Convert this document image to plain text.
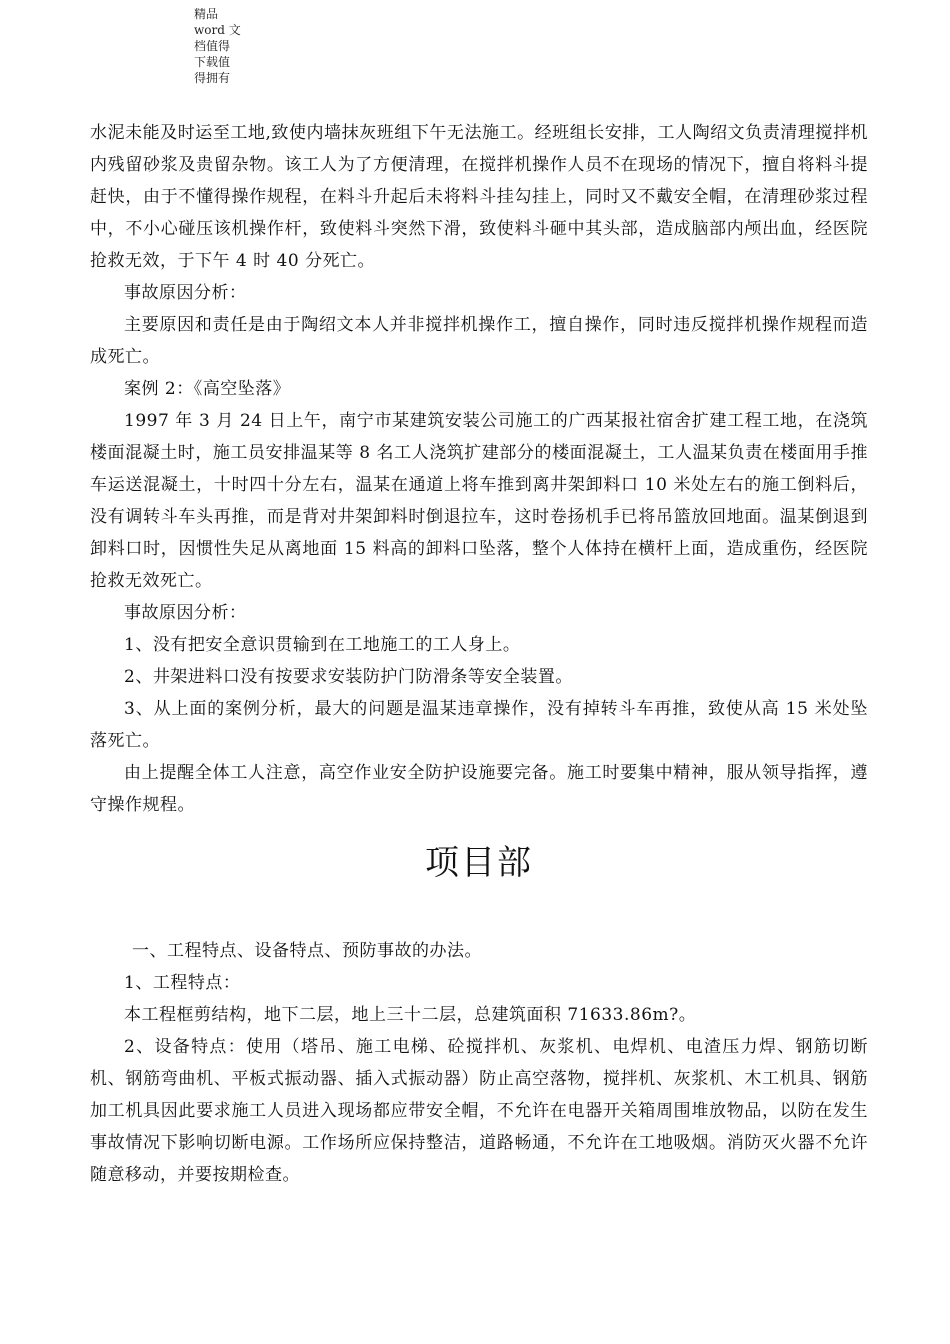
精品
word 文
档值得
下载值
得拥有

水泥未能及时运至工地,致使内墙抹灰班组下午无法施工。经班组长安排，工人陶绍文负责清理搅拌机内残留砂浆及贵留杂物。该工人为了方便清理，在搅拌机操作人员不在现场的情况下，擅自将料斗提赶快，由于不懂得操作规程，在料斗升起后未将料斗挂勾挂上，同时又不戴安全帽，在清理砂浆过程中，不小心碰压该机操作杆，致使料斗突然下滑，致使料斗砸中其头部，造成脑部内颅出血，经医院抢救无效，于下午 4 时 40 分死亡。

事故原因分析：

主要原因和责任是由于陶绍文本人并非搅拌机操作工，擅自操作，同时违反搅拌机操作规程而造成死亡。

案例 2：《高空坠落》

1997 年 3 月 24 日上午，南宁市某建筑安装公司施工的广西某报社宿舍扩建工程工地，在浇筑楼面混凝土时，施工员安排温某等 8 名工人浇筑扩建部分的楼面混凝土，工人温某负责在楼面用手推车运送混凝土，十时四十分左右，温某在通道上将车推到离井架卸料口 10 米处左右的施工倒料后，没有调转斗车头再推，而是背对井架卸料时倒退拉车，这时卷扬机手已将吊篮放回地面。温某倒退到卸料口时，因惯性失足从离地面 15 料高的卸料口坠落，整个人体持在横杆上面，造成重伤，经医院抢救无效死亡。

事故原因分析：

1、没有把安全意识贯输到在工地施工的工人身上。

2、井架进料口没有按要求安装防护门防滑条等安全装置。

3、从上面的案例分析，最大的问题是温某违章操作，没有掉转斗车再推，致使从高 15 米处坠落死亡。

由上提醒全体工人注意，高空作业安全防护设施要完备。施工时要集中精神，服从领导指挥，遵守操作规程。

项目部

一、工程特点、设备特点、预防事故的办法。

1、工程特点：

本工程框剪结构，地下二层，地上三十二层，总建筑面积 71633.86m?。

2、设备特点：使用（塔吊、施工电梯、砼搅拌机、灰浆机、电焊机、电渣压力焊、钢筋切断机、钢筋弯曲机、平板式振动器、插入式振动器）防止高空落物，搅拌机、灰浆机、木工机具、钢筋加工机具因此要求施工人员进入现场都应带安全帽，不允许在电器开关箱周围堆放物品，以防在发生事故情况下影响切断电源。工作场所应保持整洁，道路畅通，不允许在工地吸烟。消防灭火器不允许随意移动，并要按期检查。
